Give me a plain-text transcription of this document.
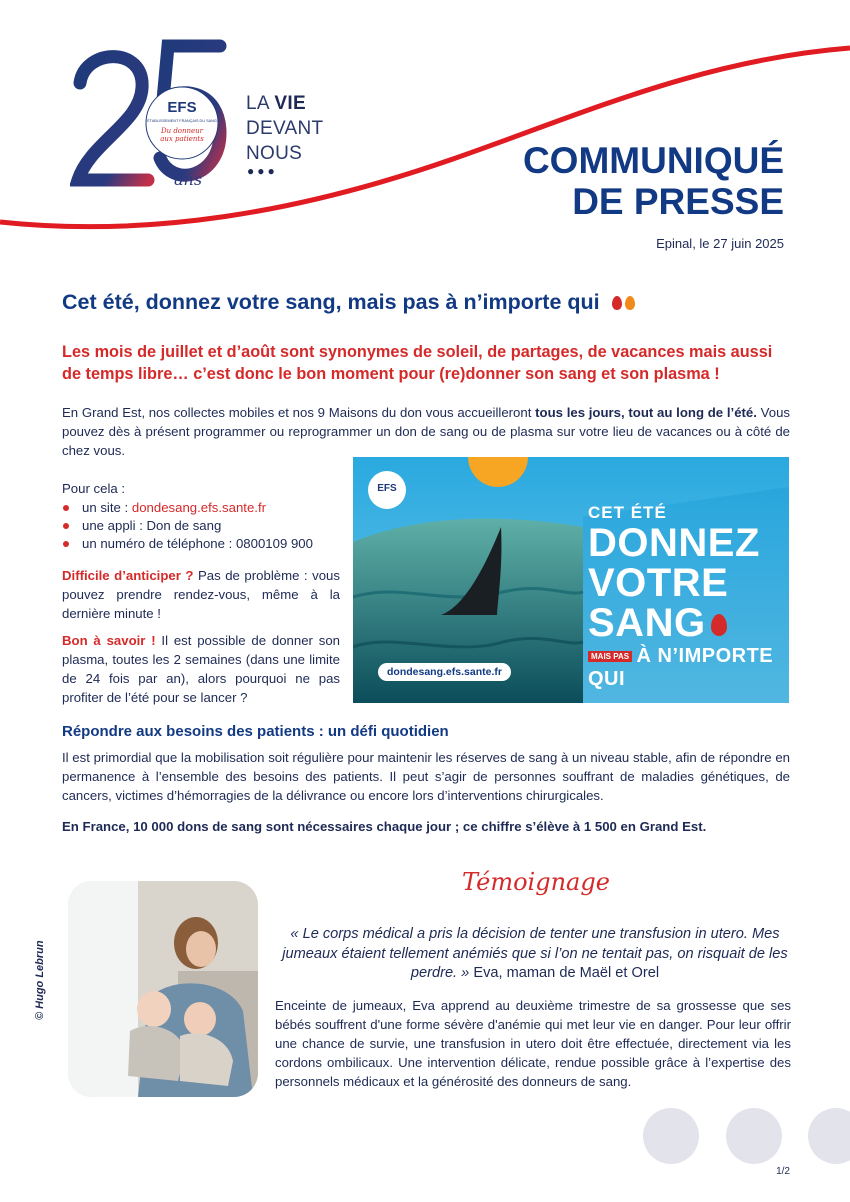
EFS
ÉTABLISSEMENT FRANÇAIS DU SANG
Du donneur
aux patients
ans
LA VIE
DEVANT
NOUS
●●●	COMMUNIQUÉ
DE PRESSE
Epinal, le 27 juin 2025
Cet été, donnez votre sang, mais pas à n’importe qui

Les mois de juillet et d’août sont synonymes de soleil, de partages, de vacances mais aussi de temps libre… c’est donc le bon moment pour (re)donner son sang et son plasma !

En Grand Est, nos collectes mobiles et nos 9 Maisons du don vous accueilleront tous les jours, tout au long de l’été. Vous pouvez dès à présent programmer ou reprogrammer un don de sang ou de plasma sur votre lieu de vacances ou à côté de chez vous.

Pour cela :
un site : dondesang.efs.sante.fr
une appli : Don de sang
un numéro de téléphone : 0800109 900

Difficile d’anticiper ? Pas de problème : vous pouvez prendre rendez-vous, même à la dernière minute !

Bon à savoir ! Il est possible de donner son plasma, toutes les 2 semaines (dans une limite de 24 fois par an), alors pourquoi ne pas profiter de l’été pour se lancer ?

EFS
CET ÉTÉ
DONNEZ
VOTRE
SANG
MAIS PAS À N’IMPORTE QUI
dondesang.efs.sante.fr
Répondre aux besoins des patients : un défi quotidien

Il est primordial que la mobilisation soit régulière pour maintenir les réserves de sang à un niveau stable, afin de répondre en permanence à l’ensemble des besoins des patients. Il peut s’agir de personnes souffrant de maladies génétiques, de cancers, victimes d’hémorragies de la délivrance ou encore lors d’interventions chirurgicales.

En France, 10 000 dons de sang sont nécessaires chaque jour ; ce chiffre s’élève à 1 500 en Grand Est.

© Hugo Lebrun
Témoignage

« Le corps médical a pris la décision de tenter une transfusion in utero. Mes jumeaux étaient tellement anémiés que si l’on ne tentait pas, on risquait de les perdre. » Eva, maman de Maël et Orel

Enceinte de jumeaux, Eva apprend au deuxième trimestre de sa grossesse que ses bébés souffrent d'une forme sévère d'anémie qui met leur vie en danger. Pour leur offrir une chance de survie, une transfusion in utero doit être effectuée, directement via les cordons ombilicaux. Une intervention délicate, rendue possible grâce à l’expertise des personnels médicaux et la générosité des donneurs de sang.

1/2
